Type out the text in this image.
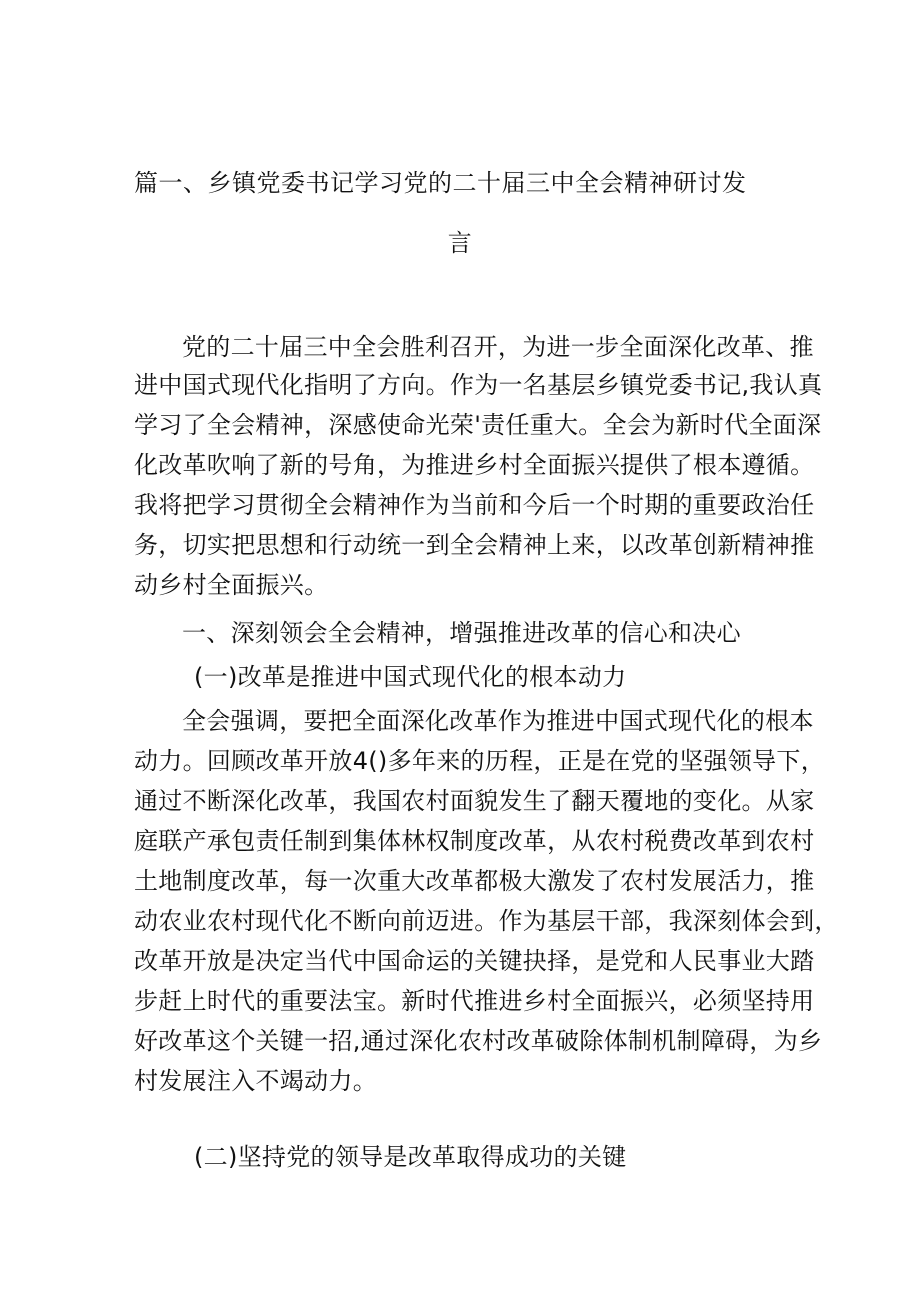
篇一、乡镇党委书记学习党的二十届三中全会精神研讨发
言
党的二十届三中全会胜利召开，为进一步全面深化改革、推
进中国式现代化指明了方向。作为一名基层乡镇党委书记,我认真
学习了全会精神，深感使命光荣'责任重大。全会为新时代全面深
化改革吹响了新的号角，为推进乡村全面振兴提供了根本遵循。
我将把学习贯彻全会精神作为当前和今后一个时期的重要政治任
务，切实把思想和行动统一到全会精神上来，以改革创新精神推
动乡村全面振兴。
一、深刻领会全会精神，增强推进改革的信心和决心
(一)改革是推进中国式现代化的根本动力
全会强调，要把全面深化改革作为推进中国式现代化的根本
动力。回顾改革开放4()多年来的历程，正是在党的坚强领导下，
通过不断深化改革，我国农村面貌发生了翻天覆地的变化。从家
庭联产承包责任制到集体林权制度改革，从农村税费改革到农村
土地制度改革，每一次重大改革都极大激发了农村发展活力，推
动农业农村现代化不断向前迈进。作为基层干部，我深刻体会到，
改革开放是决定当代中国命运的关键抉择，是党和人民事业大踏
步赶上时代的重要法宝。新时代推进乡村全面振兴，必须坚持用
好改革这个关键一招,通过深化农村改革破除体制机制障碍，为乡
村发展注入不竭动力。
(二)坚持党的领导是改革取得成功的关键
